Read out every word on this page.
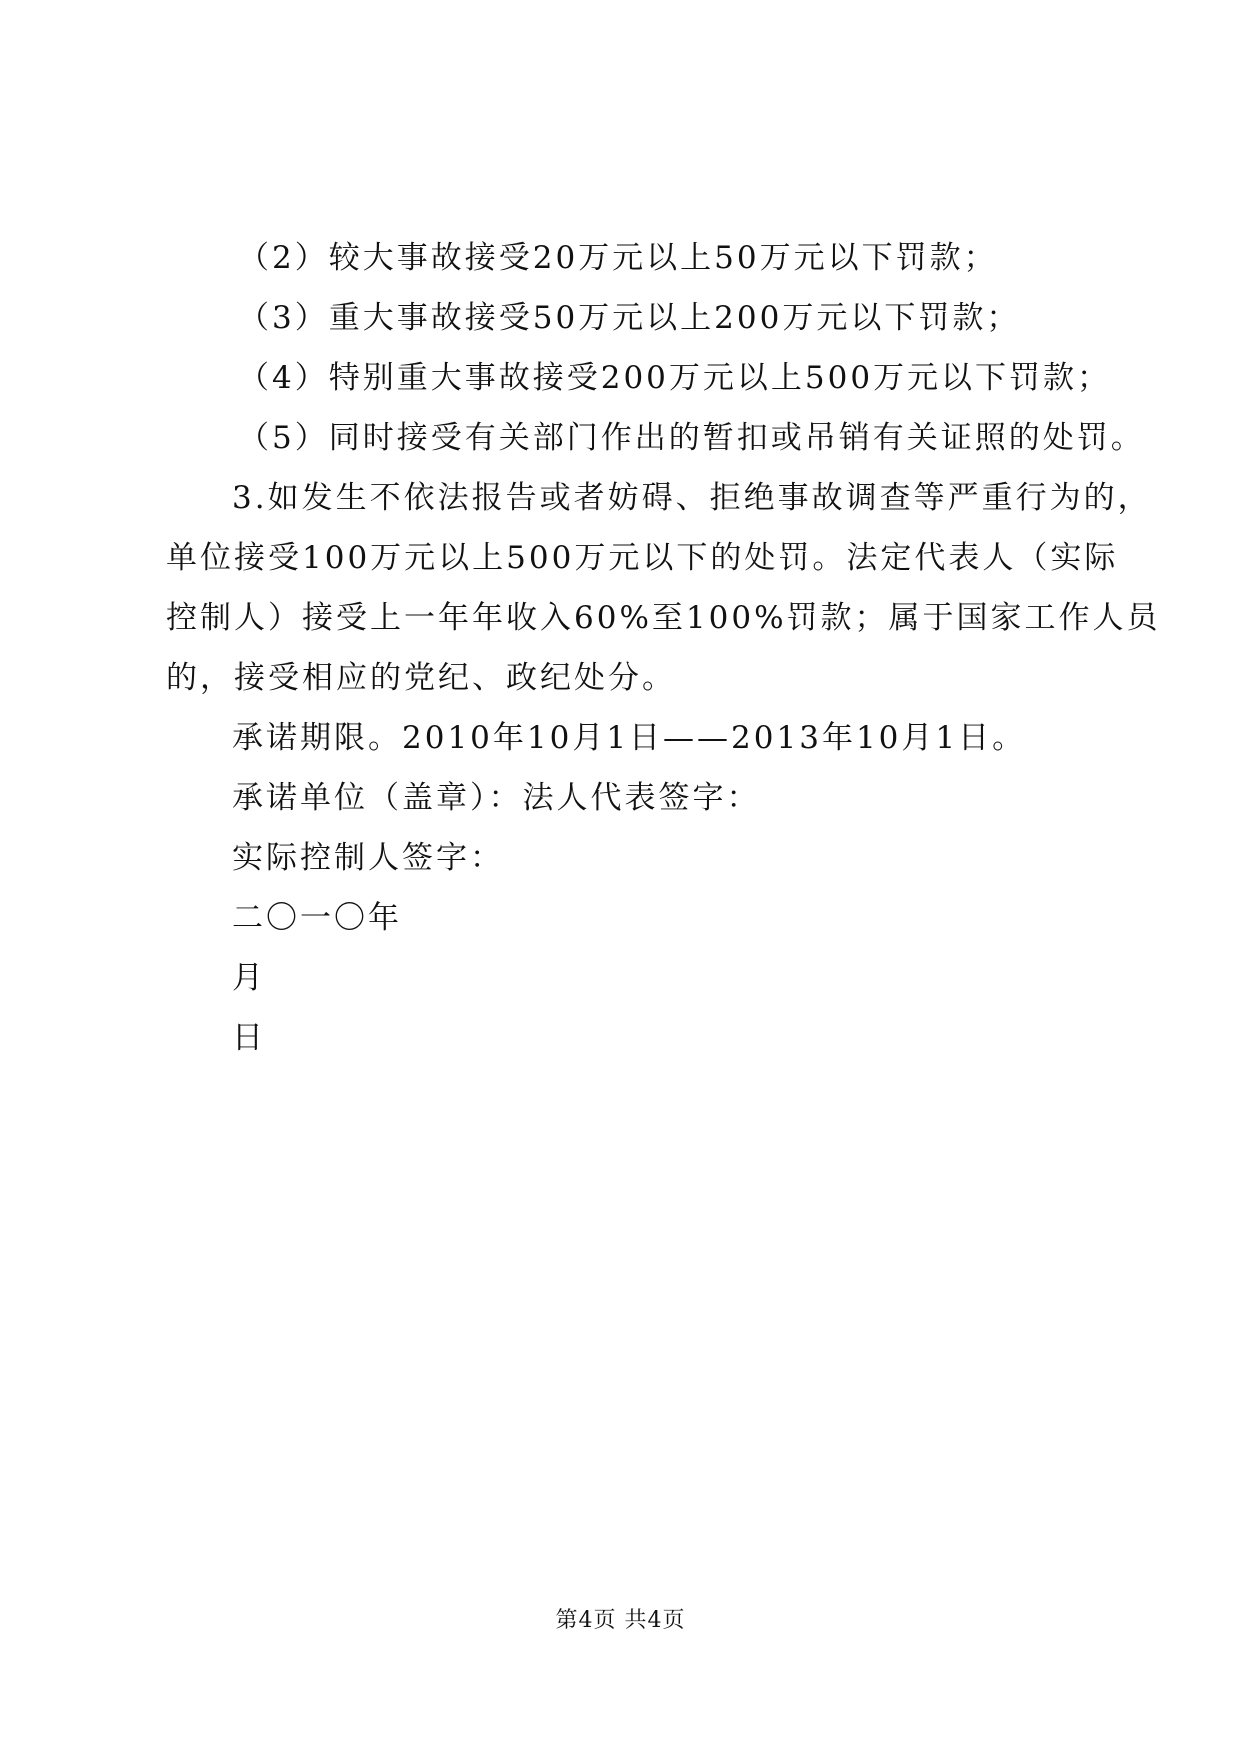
（2）较大事故接受20万元以上50万元以下罚款；
（3）重大事故接受50万元以上200万元以下罚款；
（4）特别重大事故接受200万元以上500万元以下罚款；
（5）同时接受有关部门作出的暂扣或吊销有关证照的处罚。
3.如发生不依法报告或者妨碍、拒绝事故调查等严重行为的，
单位接受100万元以上500万元以下的处罚。法定代表人（实际
控制人）接受上一年年收入60%至100%罚款；属于国家工作人员
的，接受相应的党纪、政纪处分。
承诺期限。2010年10月1日——2013年10月1日。
承诺单位（盖章）：法人代表签字：
实际控制人签字：
二〇一〇年
月
日
第4页 共4页
